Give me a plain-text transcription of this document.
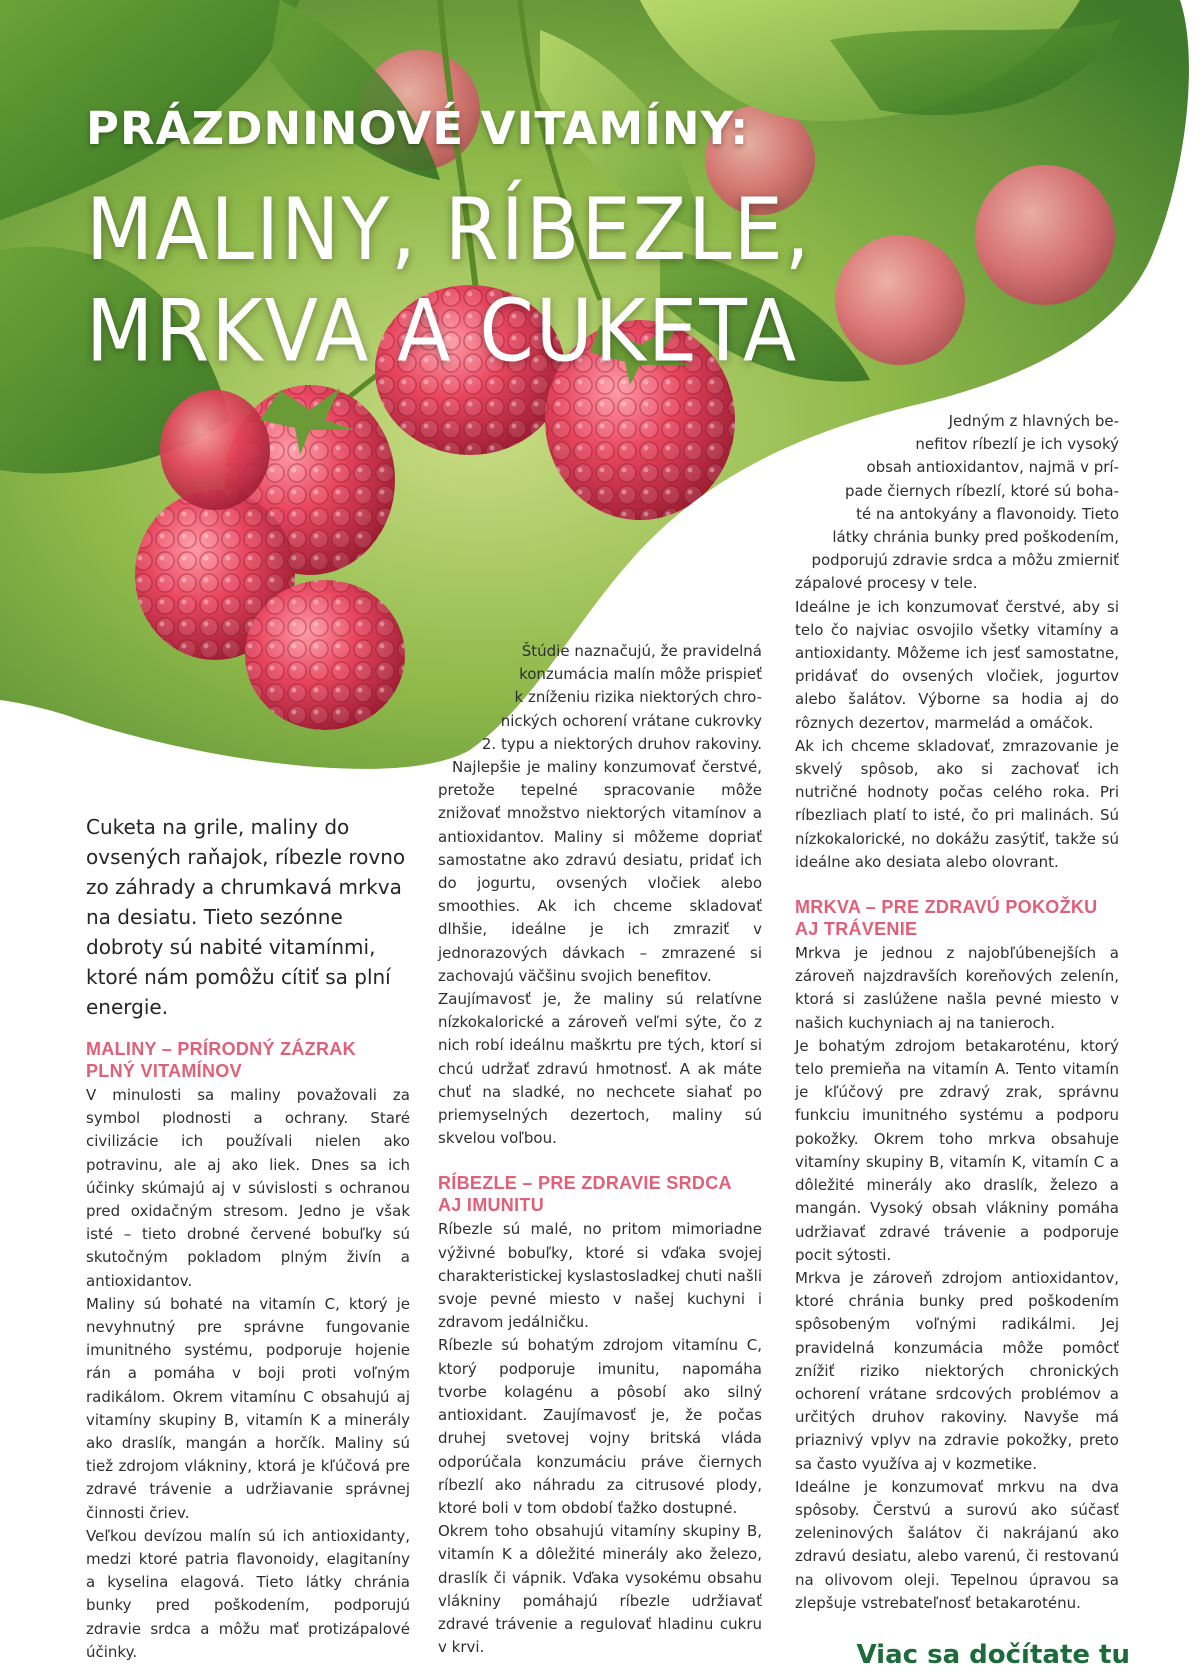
PRÁZDNINOVÉ VITAMÍNY:
MALINY, RÍBEZLE,
MRKVA A CUKETA

Cuketa na grile, maliny do ovsených raňajok, ríbezle rovno zo záhrady a chrumkavá mrkva na desiatu. Tieto sezónne dobroty sú nabité vitamínmi, ktoré nám pomôžu cítiť sa plní energie.

MALINY – PRÍRODNÝ ZÁZRAK
PLNÝ VITAMÍNOV

V minulosti sa maliny považovali za symbol plodnosti a ochrany. Staré civilizácie ich používali nielen ako potravinu, ale aj ako liek. Dnes sa ich účinky skúmajú aj v súvislosti s ochranou pred oxidačným stresom. Jedno je však isté – tieto drobné červené bobuľky sú skutočným pokladom plným živín a antioxidantov.

Maliny sú bohaté na vitamín C, ktorý je nevyhnutný pre správne fungovanie imunitného systému, podporuje hojenie rán a pomáha v boji proti voľným radikálom. Okrem vitamínu C obsahujú aj vitamíny skupiny B, vitamín K a minerály ako draslík, mangán a horčík. Maliny sú tiež zdrojom vlákniny, ktorá je kľúčová pre zdravé trávenie a udržiavanie správnej činnosti čriev.

Veľkou devízou malín sú ich antioxidanty, medzi ktoré patria flavonoidy, elagitaníny a kyselina elagová. Tieto látky chránia bunky pred poškodením, podporujú zdravie srdca a môžu mať protizápalové účinky.

Štúdie naznačujú, že pravidelná
konzumácia malín môže prispieť
k zníženiu rizika niektorých chro-
nických ochorení vrátane cukrovky
2. typu a niektorých druhov rakoviny.

Najlepšie je maliny konzumovať čerstvé, pretože tepelné spracovanie môže znižovať množstvo niektorých vitamínov a antioxidantov. Maliny si môžeme dopriať samostatne ako zdravú desiatu, pridať ich do jogurtu, ovsených vločiek alebo smoothies. Ak ich chceme skladovať dlhšie, ideálne je ich zmraziť v jednorazových dávkach – zmrazené si zachovajú väčšinu svojich benefitov.

Zaujímavosť je, že maliny sú relatívne nízkokalorické a zároveň veľmi sýte, čo z nich robí ideálnu maškrtu pre tých, ktorí si chcú udržať zdravú hmotnosť. A ak máte chuť na sladké, no nechcete siahať po priemyselných dezertoch, maliny sú skvelou voľbou.

RÍBEZLE – PRE ZDRAVIE SRDCA
AJ IMUNITU

Ríbezle sú malé, no pritom mimoriadne výživné bobuľky, ktoré si vďaka svojej charakteristickej kyslastosladkej chuti našli svoje pevné miesto v našej kuchyni i zdravom jedálničku.

Ríbezle sú bohatým zdrojom vitamínu C, ktorý podporuje imunitu, napomáha tvorbe kolagénu a pôsobí ako silný antioxidant. Zaujímavosť je, že počas druhej svetovej vojny britská vláda odporúčala konzumáciu práve čiernych ríbezlí ako náhradu za citrusové plody, ktoré boli v tom období ťažko dostupné.

Okrem toho obsahujú vitamíny skupiny B, vitamín K a dôležité minerály ako železo, draslík či vápnik. Vďaka vysokému obsahu vlákniny pomáhajú ríbezle udržiavať zdravé trávenie a regulovať hladinu cukru v krvi.

Jedným z hlavných be-
nefitov ríbezlí je ich vysoký
obsah antioxidantov, najmä v prí-
pade čiernych ríbezlí, ktoré sú boha-
té na antokyány a flavonoidy. Tieto
látky chránia bunky pred poškodením,
podporujú zdravie srdca a môžu zmierniť
zápalové procesy v tele.

Ideálne je ich konzumovať čerstvé, aby si telo čo najviac osvojilo všetky vitamíny a antioxidanty. Môžeme ich jesť samostatne, pridávať do ovsených vločiek, jogurtov alebo šalátov. Výborne sa hodia aj do rôznych dezertov, marmelád a omáčok.

Ak ich chceme skladovať, zmrazovanie je skvelý spôsob, ako si zachovať ich nutričné hodnoty počas celého roka. Pri ríbezliach platí to isté, čo pri malinách. Sú nízkokalorické, no dokážu zasýtiť, takže sú ideálne ako desiata alebo olovrant.

MRKVA – PRE ZDRAVÚ POKOŽKU
AJ TRÁVENIE

Mrkva je jednou z najobľúbenejších a zároveň najzdravších koreňových zelenín, ktorá si zaslúžene našla pevné miesto v našich kuchyniach aj na tanieroch.

Je bohatým zdrojom betakaroténu, ktorý telo premieňa na vitamín A. Tento vitamín je kľúčový pre zdravý zrak, správnu funkciu imunitného systému a podporu pokožky. Okrem toho mrkva obsahuje vitamíny skupiny B, vitamín K, vitamín C a dôležité minerály ako draslík, železo a mangán. Vysoký obsah vlákniny pomáha udržiavať zdravé trávenie a podporuje pocit sýtosti.

Mrkva je zároveň zdrojom antioxidantov, ktoré chránia bunky pred poškodením spôsobeným voľnými radikálmi. Jej pravidelná konzumácia môže pomôcť znížiť riziko niektorých chronických ochorení vrátane srdcových problémov a určitých druhov rakoviny. Navyše má priaznivý vplyv na zdravie pokožky, preto sa často využíva aj v kozmetike.

Ideálne je konzumovať mrkvu na dva spôsoby. Čerstvú a surovú ako súčasť zeleninových šalátov či nakrájanú ako zdravú desiatu, alebo varenú, či restovanú na olivovom oleji. Tepelnou úpravou sa zlepšuje vstrebateľnosť betakaroténu.

Viac sa dočítate tu
